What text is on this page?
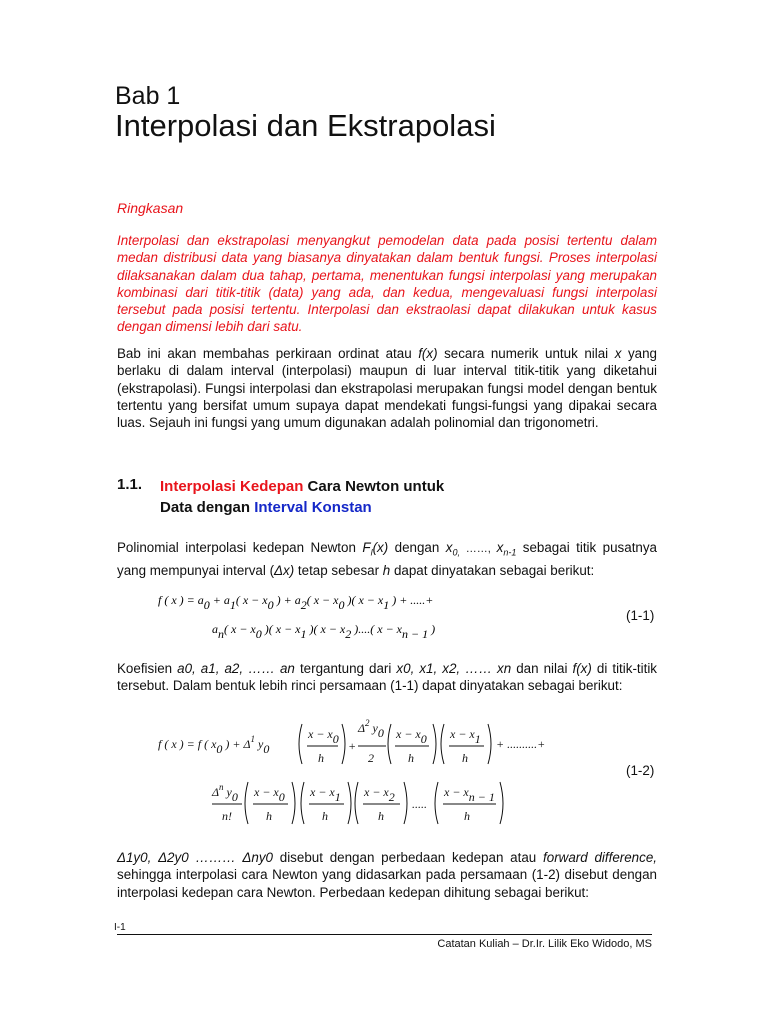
Bab 1
Interpolasi dan Ekstrapolasi
Ringkasan
Interpolasi dan ekstrapolasi menyangkut pemodelan data pada posisi tertentu dalam medan distribusi data yang biasanya dinyatakan dalam bentuk fungsi. Proses interpolasi dilaksanakan dalam dua tahap, pertama, menentukan fungsi interpolasi yang merupakan kombinasi dari titik-titik (data) yang ada, dan kedua, mengevaluasi fungsi interpolasi tersebut pada posisi tertentu. Interpolasi dan ekstraolasi dapat dilakukan untuk kasus dengan dimensi lebih dari satu.
Bab ini akan membahas perkiraan ordinat atau f(x) secara numerik untuk nilai x yang berlaku di dalam interval (interpolasi) maupun di luar interval titik-titik yang diketahui (ekstrapolasi). Fungsi interpolasi dan ekstrapolasi merupakan fungsi model dengan bentuk tertentu yang bersifat umum supaya dapat mendekati fungsi-fungsi yang dipakai secara luas. Sejauh ini fungsi yang umum digunakan adalah polinomial dan trigonometri.
1.1. Interpolasi Kedepan Cara Newton untuk
Data dengan Interval Konstan
Polinomial interpolasi kedepan Newton $F_l(x)$ dengan $x_{0,}$ ……, $x_{n-1}$ sebagai titik pusatnya yang mempunyai interval (Δx) tetap sebesar h dapat dinyatakan sebagai berikut:
f ( x ) = a0 + a1( x − x0 ) + a2( x − x0 )( x − x1 ) + .....+
an( x − x0 )( x − x1 )( x − x2 )....( x − xn − 1 )
(1-1)
Koefisien a0, a1, a2, …… an tergantung dari x0, x1, x2, …… xn dan nilai f(x) di titik-titik tersebut. Dalam bentuk lebih rinci persamaan (1-1) dapat dinyatakan sebagai berikut:
f ( x ) = f ( x0 ) + $\Delta^1$ y0
x − x0
h
+
$\Delta^2$ y0
2
x − x0
h
x − x1
h
+ ..........+
$\Delta^n$ y0
n!
x − x0
h
x − x1
h
x − x2
h
.....
x − xn − 1
h
(1-2)
Δ1y0, Δ2y0 ……… Δny0 disebut dengan perbedaan kedepan atau forward difference, sehingga interpolasi cara Newton yang didasarkan pada persamaan (1-2) disebut dengan interpolasi kedepan cara Newton. Perbedaan kedepan dihitung sebagai berikut:
I-1
Catatan Kuliah – Dr.Ir. Lilik Eko Widodo, MS
